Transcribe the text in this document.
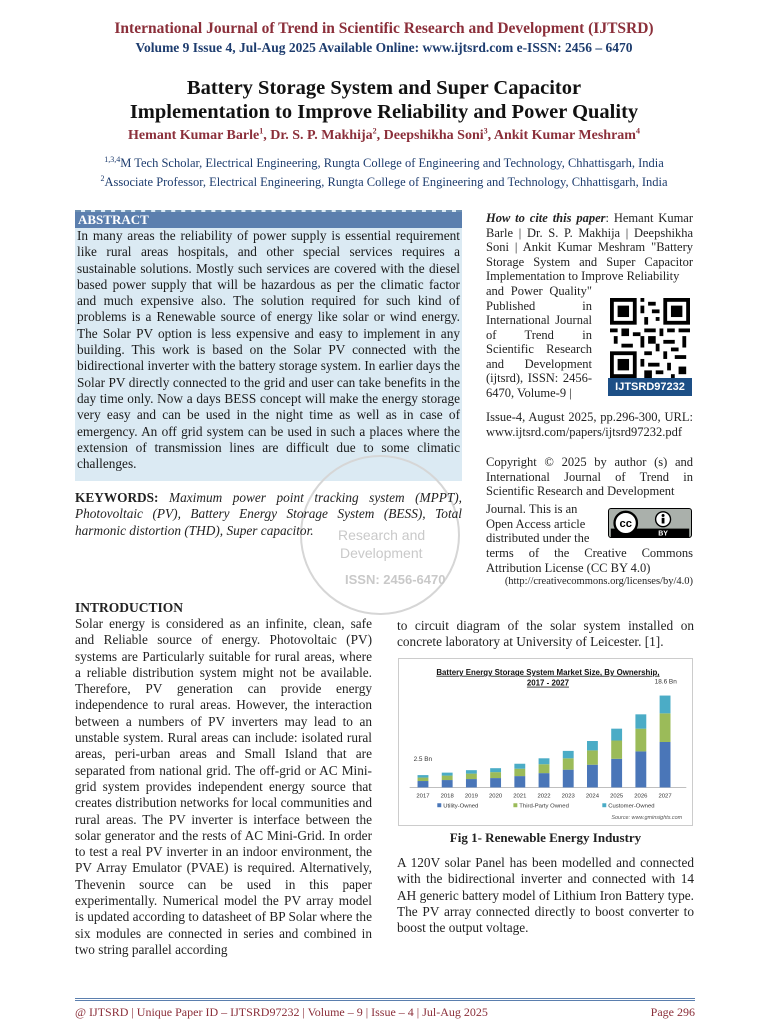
International Journal of Trend in Scientific Research and Development (IJTSRD)
Volume 9 Issue 4, Jul-Aug 2025 Available Online: www.ijtsrd.com e-ISSN: 2456 – 6470
Battery Storage System and Super Capacitor
Implementation to Improve Reliability and Power Quality
Hemant Kumar Barle$^1$, Dr. S. P. Makhija$^2$, Deepshikha Soni$^3$, Ankit Kumar Meshram$^4$
$^{1,3,4}$M Tech Scholar, Electrical Engineering, Rungta College of Engineering and Technology, Chhattisgarh, India
$^2$Associate Professor, Electrical Engineering, Rungta College of Engineering and Technology, Chhattisgarh, India
ABSTRACT
In many areas the reliability of power supply is essential requirement like rural areas hospitals, and other special services requires a sustainable solutions. Mostly such services are covered with the diesel based power supply that will be hazardous as per the climatic factor and much expensive also. The solution required for such kind of problems is a Renewable source of energy like solar or wind energy. The Solar PV option is less expensive and easy to implement in any building. This work is based on the Solar PV connected with the bidirectional inverter with the battery storage system. In earlier days the Solar PV directly connected to the grid and user can take benefits in the day time only. Now a days BESS concept will make the energy storage very easy and can be used in the night time as well as in case of emergency. An off grid system can be used in such a places where the extension of transmission lines are difficult due to some climatic challenges.
Research and
Development
ISSN: 2456-6470
KEYWORDS: Maximum power point tracking system (MPPT), Photovoltaic (PV), Battery Energy Storage System (BESS), Total harmonic distortion (THD), Super capacitor.
How to cite this paper: Hemant Kumar Barle | Dr. S. P. Makhija | Deepshikha Soni | Ankit Kumar Meshram "Battery Storage System and Super Capacitor Implementation to Improve Reliability
and Power Quality" Published in International Journal of Trend in Scientific Research and Development (ijtsrd), ISSN: 2456-6470, Volume-9 |	IJTSRD97232
Issue-4, August 2025, pp.296-300, URL: www.ijtsrd.com/papers/ijtsrd97232.pdf
Copyright © 2025 by author (s) and International Journal of Trend in Scientific Research and Development
Journal. This is an Open Access article distributed under the
cc
BY
terms of the Creative Commons Attribution License (CC BY 4.0)
(http://creativecommons.org/licenses/by/4.0)
INTRODUCTION
Solar energy is considered as an infinite, clean, safe and Reliable source of energy. Photovoltaic (PV) systems are Particularly suitable for rural areas, where a reliable distribution system might not be available. Therefore, PV generation can provide energy independence to rural areas. However, the interaction between a numbers of PV inverters may lead to an unstable system. Rural areas can include: isolated rural areas, peri-urban areas and Small Island that are separated from national grid. The off-grid or AC Mini-grid system provides independent energy source that creates distribution networks for local communities and rural areas. The PV inverter is interface between the solar generator and the rests of AC Mini-Grid. In order to test a real PV inverter in an indoor environment, the PV Array Emulator (PVAE) is required. Alternatively, Thevenin source can be used in this paper experimentally. Numerical model the PV array model is updated according to datasheet of BP Solar where the six modules are connected in series and combined in two string parallel according
to circuit diagram of the solar system installed on concrete laboratory at University of Leicester. [1].
Battery Energy Storage System Market Size, By Ownership,
2017 - 2027
2017 2018 2019 2020 2021 2022 2023 2024 2025 2026 2027
2.5 Bn
18.6 Bn
Utility-Owned	Third-Party Owned	Customer-Owned
Source: www.gminsights.com
Fig 1- Renewable Energy Industry
A 120V solar Panel has been modelled and connected with the bidirectional inverter and connected with 14 AH generic battery model of Lithium Iron Battery type. The PV array connected directly to boost converter to boost the output voltage.
@ IJTSRD | Unique Paper ID – IJTSRD97232 | Volume – 9 | Issue – 4 | Jul-Aug 2025	Page 296
